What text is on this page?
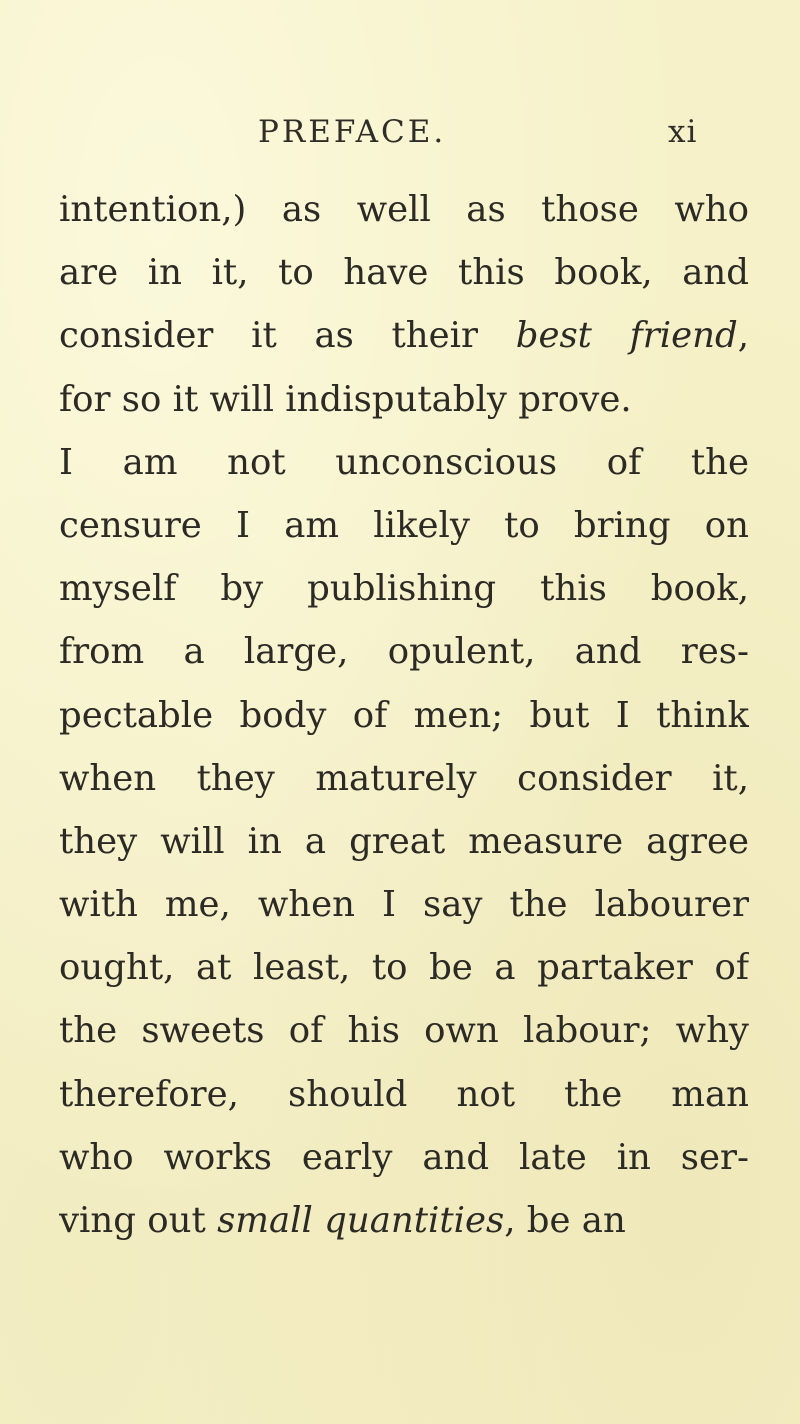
PREFACE.	xi
intention,) as well as those who
are in it, to have this book, and
consider it as their best friend,
for so it will indisputably prove.
I am not unconscious of the
censure I am likely to bring on
myself by publishing this book,
from a large, opulent, and res-
pectable body of men; but I think
when they maturely consider it,
they will in a great measure agree
with me, when I say the labourer
ought, at least, to be a partaker of
the sweets of his own labour; why
therefore, should not the man
who works early and late in ser-
ving out small quantities, be an
